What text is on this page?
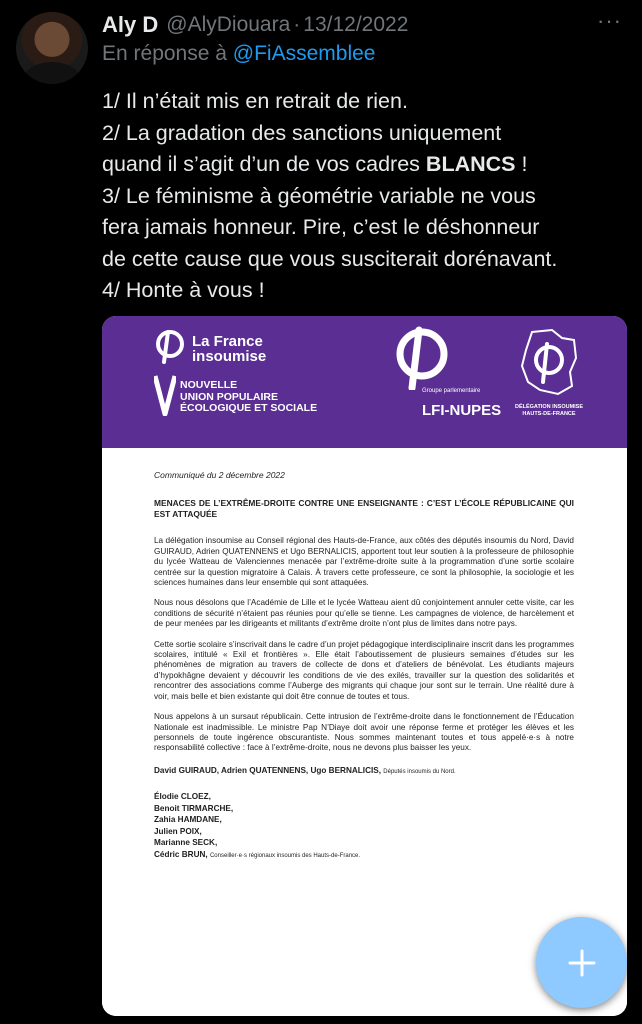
Aly D @AlyDiouara · 13/12/2022	···
En réponse à @FiAssemblee
1/ Il n’était mis en retrait de rien.
2/ La gradation des sanctions uniquement
quand il s’agit d’un de vos cadres BLANCS !
3/ Le féminisme à géométrie variable ne vous
fera jamais honneur. Pire, c’est le déshonneur
de cette cause que vous susciterait dorénavant.
4/ Honte à vous !
La France
insoumise
NOUVELLE
UNION POPULAIRE
ÉCOLOGIQUE ET SOCIALE
Groupe parlementaire
LFI-NUPES	DÉLÉGATION INSOUMISE
HAUTS-DE-FRANCE
Communiqué du 2 décembre 2022
MENACES DE L’EXTRÊME-DROITE CONTRE UNE ENSEIGNANTE : C’EST L’ÉCOLE RÉPUBLICAINE QUI EST ATTAQUÉE

La délégation insoumise au Conseil régional des Hauts-de-France, aux côtés des députés insoumis du Nord, David GUIRAUD, Adrien QUATENNENS et Ugo BERNALICIS, apportent tout leur soutien à la professeure de philosophie du lycée Watteau de Valenciennes menacée par l’extrême-droite suite à la programmation d’une sortie scolaire centrée sur la question migratoire à Calais. À travers cette professeure, ce sont la philosophie, la sociologie et les sciences humaines dans leur ensemble qui sont attaquées.

Nous nous désolons que l’Académie de Lille et le lycée Watteau aient dû conjointement annuler cette visite, car les conditions de sécurité n’étaient pas réunies pour qu’elle se tienne. Les campagnes de violence, de harcèlement et de peur menées par les dirigeants et militants d’extrême droite n’ont plus de limites dans notre pays.

Cette sortie scolaire s’inscrivait dans le cadre d’un projet pédagogique interdisciplinaire inscrit dans les programmes scolaires, intitulé « Exil et frontières ». Elle était l’aboutissement de plusieurs semaines d’études sur les phénomènes de migration au travers de collecte de dons et d’ateliers de bénévolat. Les étudiants majeurs d’hypokhâgne devaient y découvrir les conditions de vie des exilés, travailler sur la question des solidarités et rencontrer des associations comme l’Auberge des migrants qui chaque jour sont sur le terrain. Une réalité dure à voir, mais belle et bien existante qui doit être connue de toutes et tous.

Nous appelons à un sursaut républicain. Cette intrusion de l’extrême-droite dans le fonctionnement de l’Éducation Nationale est inadmissible. Le ministre Pap N’Diaye doit avoir une réponse ferme et protéger les élèves et les personnels de toute ingérence obscurantiste. Nous sommes maintenant toutes et tous appelé·e·s à notre responsabilité collective : face à l’extrême-droite, nous ne devons plus baisser les yeux.

David GUIRAUD, Adrien QUATENNENS, Ugo BERNALICIS, Députés insoumis du Nord.
Élodie CLOEZ,
Benoit TIRMARCHE,
Zahia HAMDANE,
Julien POIX,
Marianne SECK,
Cédric BRUN, Conseiller·e·s régionaux insoumis des Hauts-de-France.
